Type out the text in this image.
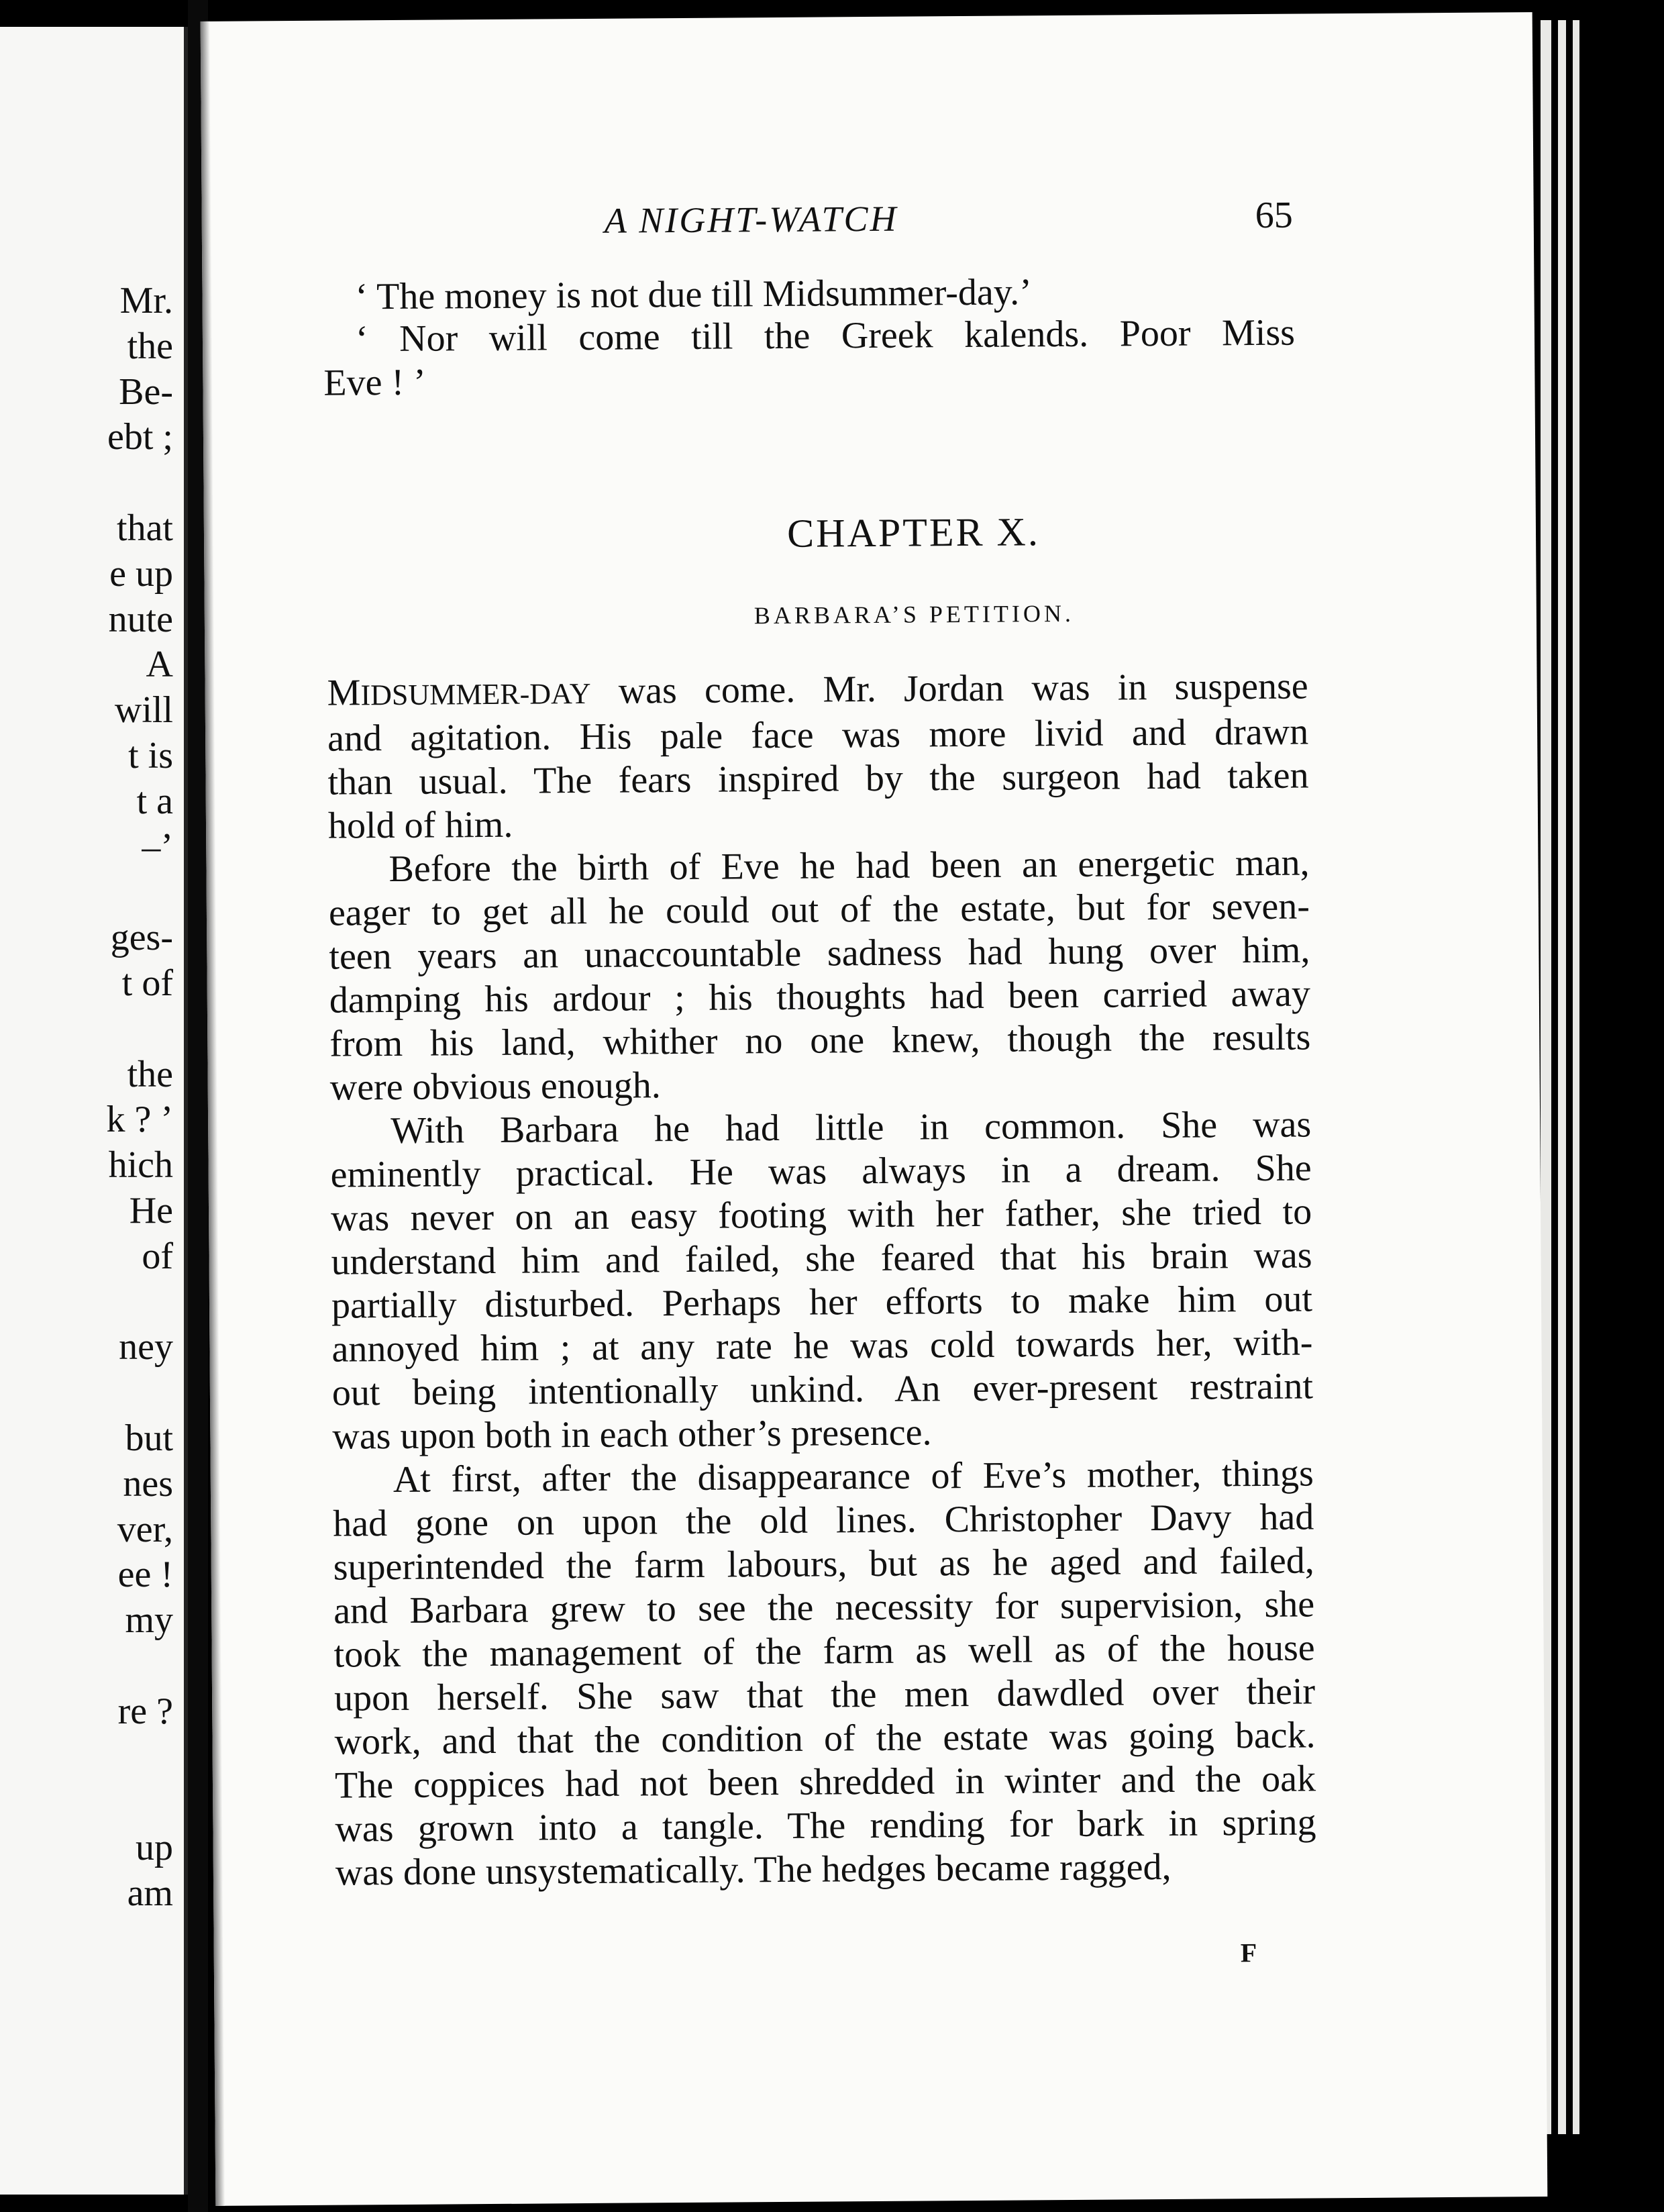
Mr.
the
Be-
ebt ;
that
e up
nute
A
will
t is
t a
–’
ges-
t of
the
k ? ’
hich
He
of
ney
but
nes
ver,
ee !
my
re ?
up
am
A NIGHT-WATCH	65
‘ The money is not due till Midsummer-day.’
‘ Nor will come till the Greek kalends. Poor Miss
Eve ! ’
CHAPTER X.
BARBARA’S PETITION.
MIDSUMMER-DAY was come. Mr. Jordan was in suspense
and agitation. His pale face was more livid and drawn
than usual. The fears inspired by the surgeon had taken
hold of him.
Before the birth of Eve he had been an energetic man,
eager to get all he could out of the estate, but for seven-
teen years an unaccountable sadness had hung over him,
damping his ardour ; his thoughts had been carried away
from his land, whither no one knew, though the results
were obvious enough.
With Barbara he had little in common. She was
eminently practical. He was always in a dream. She
was never on an easy footing with her father, she tried to
understand him and failed, she feared that his brain was
partially disturbed. Perhaps her efforts to make him out
annoyed him ; at any rate he was cold towards her, with-
out being intentionally unkind. An ever-present restraint
was upon both in each other’s presence.
At first, after the disappearance of Eve’s mother, things
had gone on upon the old lines. Christopher Davy had
superintended the farm labours, but as he aged and failed,
and Barbara grew to see the necessity for supervision, she
took the management of the farm as well as of the house
upon herself. She saw that the men dawdled over their
work, and that the condition of the estate was going back.
The coppices had not been shredded in winter and the oak
was grown into a tangle. The rending for bark in spring
was done unsystematically. The hedges became ragged,
F
